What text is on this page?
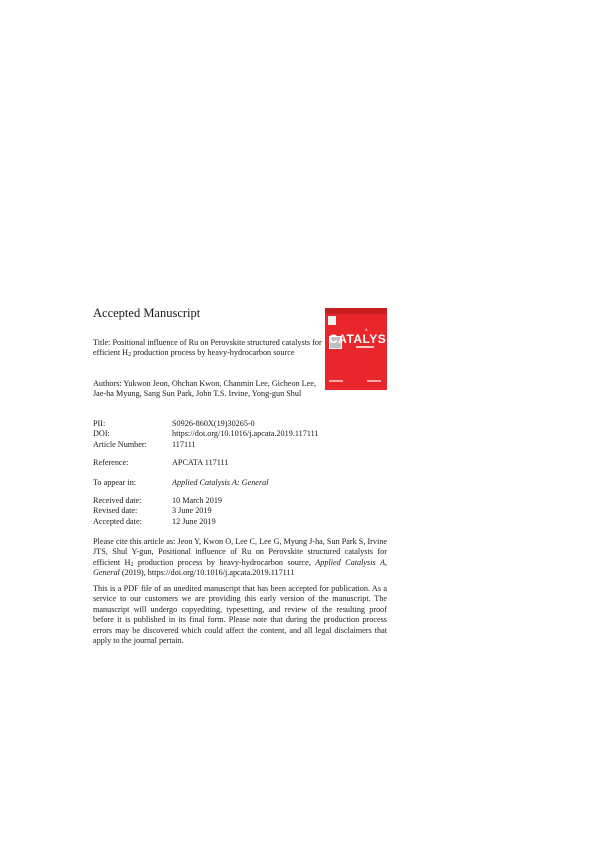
Accepted Manuscript
Title: Positional influence of Ru on Perovskite structured catalysts for efficient $H_2$ production process by heavy-hydrocarbon source
Authors: Yukwon Jeon, Ohchan Kwon, Chanmin Lee, Gicheon Lee, Jae-ha Myung, Sang Sun Park, John T.S. Irvine, Yong-gun Shul
PII:	S0926-860X(19)30265-0
DOI:	https://doi.org/10.1016/j.apcata.2019.117111
Article Number:	117111
Reference:	APCATA 117111
To appear in:	Applied Catalysis A: General
Received date:	10 March 2019
Revised date:	3 June 2019
Accepted date:	12 June 2019
Please cite this article as: Jeon Y, Kwon O, Lee C, Lee G, Myung J-ha, Sun Park S, Irvine JTS, Shul Y-gun, Positional influence of Ru on Perovskite structured catalysts for efficient $H_2$ production process by heavy-hydrocarbon source, Applied Catalysis A, General (2019), https://doi.org/10.1016/j.apcata.2019.117111
This is a PDF file of an unedited manuscript that has been accepted for publication. As a service to our customers we are providing this early version of the manuscript. The manuscript will undergo copyediting, typesetting, and review of the resulting proof before it is published in its final form. Please note that during the production process errors may be discovered which could affect the content, and all legal disclaimers that apply to the journal pertain.
A
CATALYSIS
